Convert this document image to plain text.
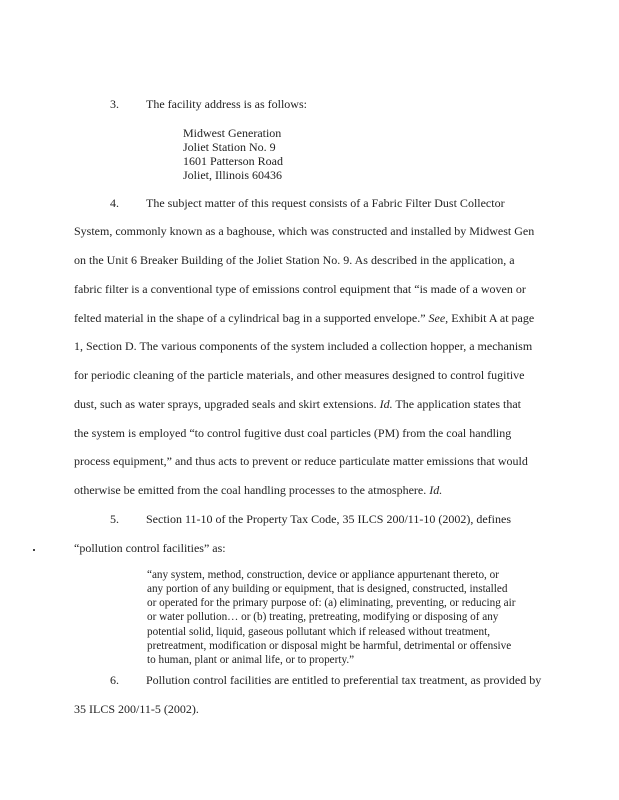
3. The facility address is as follows:
Midwest Generation
Joliet Station No. 9
1601 Patterson Road
Joliet, Illinois 60436
4. The subject matter of this request consists of a Fabric Filter Dust Collector
System, commonly known as a baghouse, which was constructed and installed by Midwest Gen
on the Unit 6 Breaker Building of the Joliet Station No. 9. As described in the application, a
fabric filter is a conventional type of emissions control equipment that “is made of a woven or
felted material in the shape of a cylindrical bag in a supported envelope.” See, Exhibit A at page
1, Section D. The various components of the system included a collection hopper, a mechanism
for periodic cleaning of the particle materials, and other measures designed to control fugitive
dust, such as water sprays, upgraded seals and skirt extensions. Id. The application states that
the system is employed “to control fugitive dust coal particles (PM) from the coal handling
process equipment,” and thus acts to prevent or reduce particulate matter emissions that would
otherwise be emitted from the coal handling processes to the atmosphere. Id.
5. Section 11-10 of the Property Tax Code, 35 ILCS 200/11-10 (2002), defines
“pollution control facilities” as:
“any system, method, construction, device or appliance appurtenant thereto, or
any portion of any building or equipment, that is designed, constructed, installed
or operated for the primary purpose of: (a) eliminating, preventing, or reducing air
or water pollution… or (b) treating, pretreating, modifying or disposing of any
potential solid, liquid, gaseous pollutant which if released without treatment,
pretreatment, modification or disposal might be harmful, detrimental or offensive
to human, plant or animal life, or to property.”
6. Pollution control facilities are entitled to preferential tax treatment, as provided by
35 ILCS 200/11-5 (2002).
